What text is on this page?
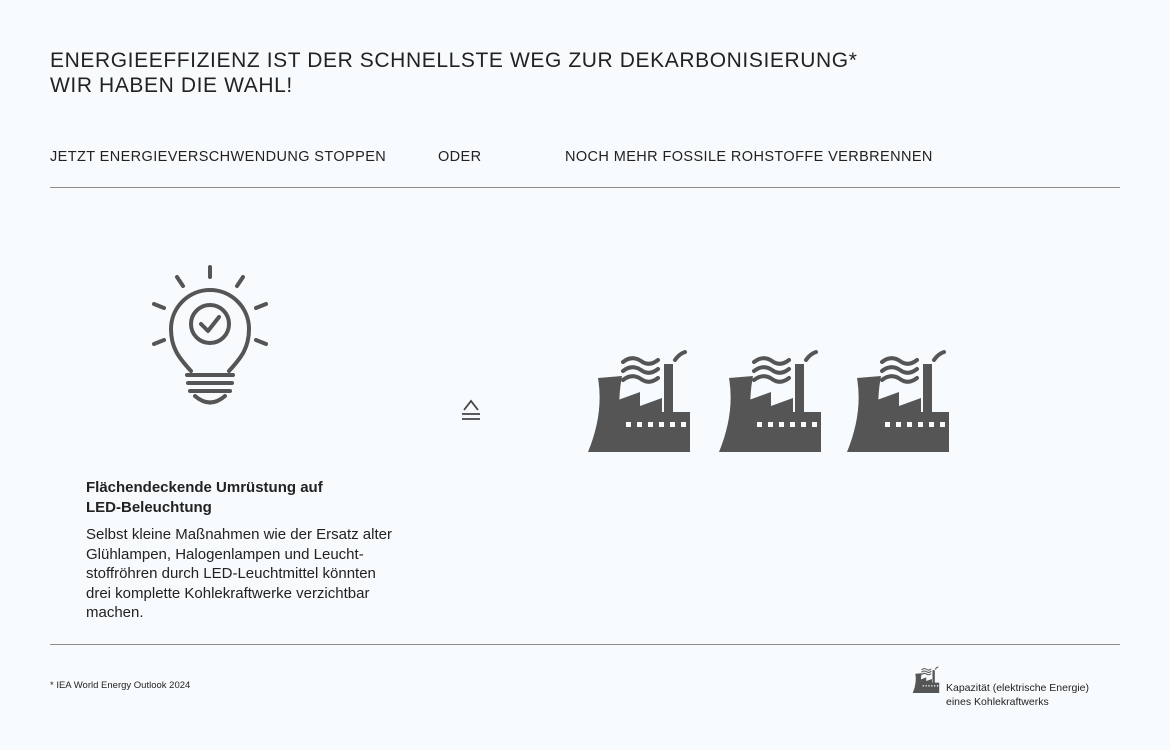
ENERGIEEFFIZIENZ IST DER SCHNELLSTE WEG ZUR DEKARBONISIERUNG*
WIR HABEN DIE WAHL!
JETZT ENERGIEVERSCHWENDUNG STOPPEN	ODER	NOCH MEHR FOSSILE ROHSTOFFE VERBRENNEN
Flächendeckende Umrüstung auf
LED-Beleuchtung
Selbst kleine Maßnahmen wie der Ersatz alter
Glühlampen, Halogenlampen und Leucht-
stoffröhren durch LED-Leuchtmittel könnten
drei komplette Kohlekraftwerke verzichtbar
machen.
* IEA World Energy Outlook 2024	Kapazität (elektrische Energie)
eines Kohlekraftwerks
